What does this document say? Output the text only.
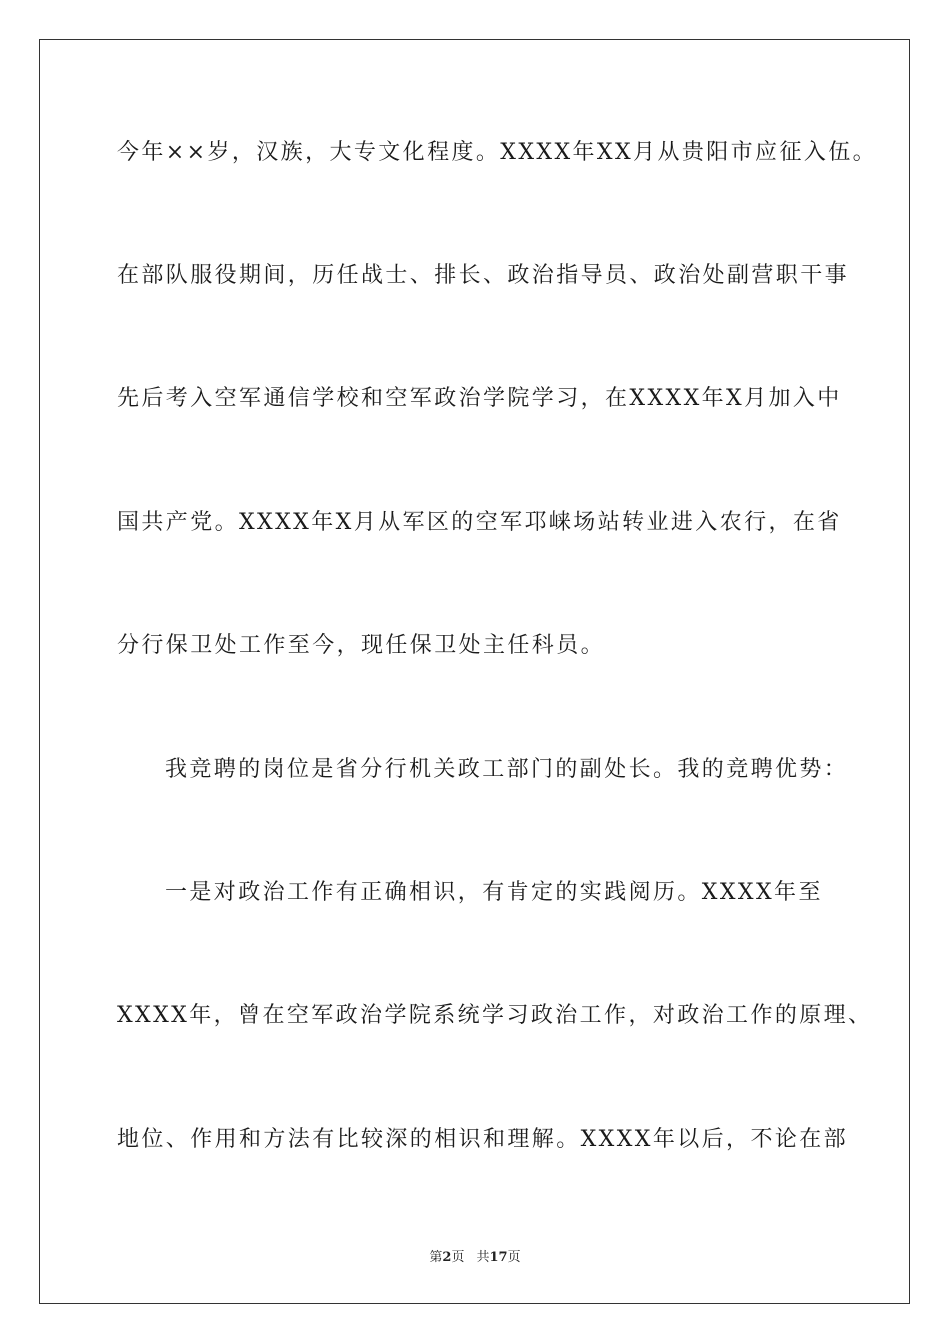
今年××岁，汉族，大专文化程度。XXXX年XX月从贵阳市应征入伍。
在部队服役期间，历任战士、排长、政治指导员、政治处副营职干事
先后考入空军通信学校和空军政治学院学习，在XXXX年X月加入中
国共产党。XXXX年X月从军区的空军邛崃场站转业进入农行，在省
分行保卫处工作至今，现任保卫处主任科员。
我竞聘的岗位是省分行机关政工部门的副处长。我的竞聘优势：
一是对政治工作有正确相识，有肯定的实践阅历。XXXX年至
XXXX年，曾在空军政治学院系统学习政治工作，对政治工作的原理、
地位、作用和方法有比较深的相识和理解。XXXX年以后，不论在部
第2页 共17页
